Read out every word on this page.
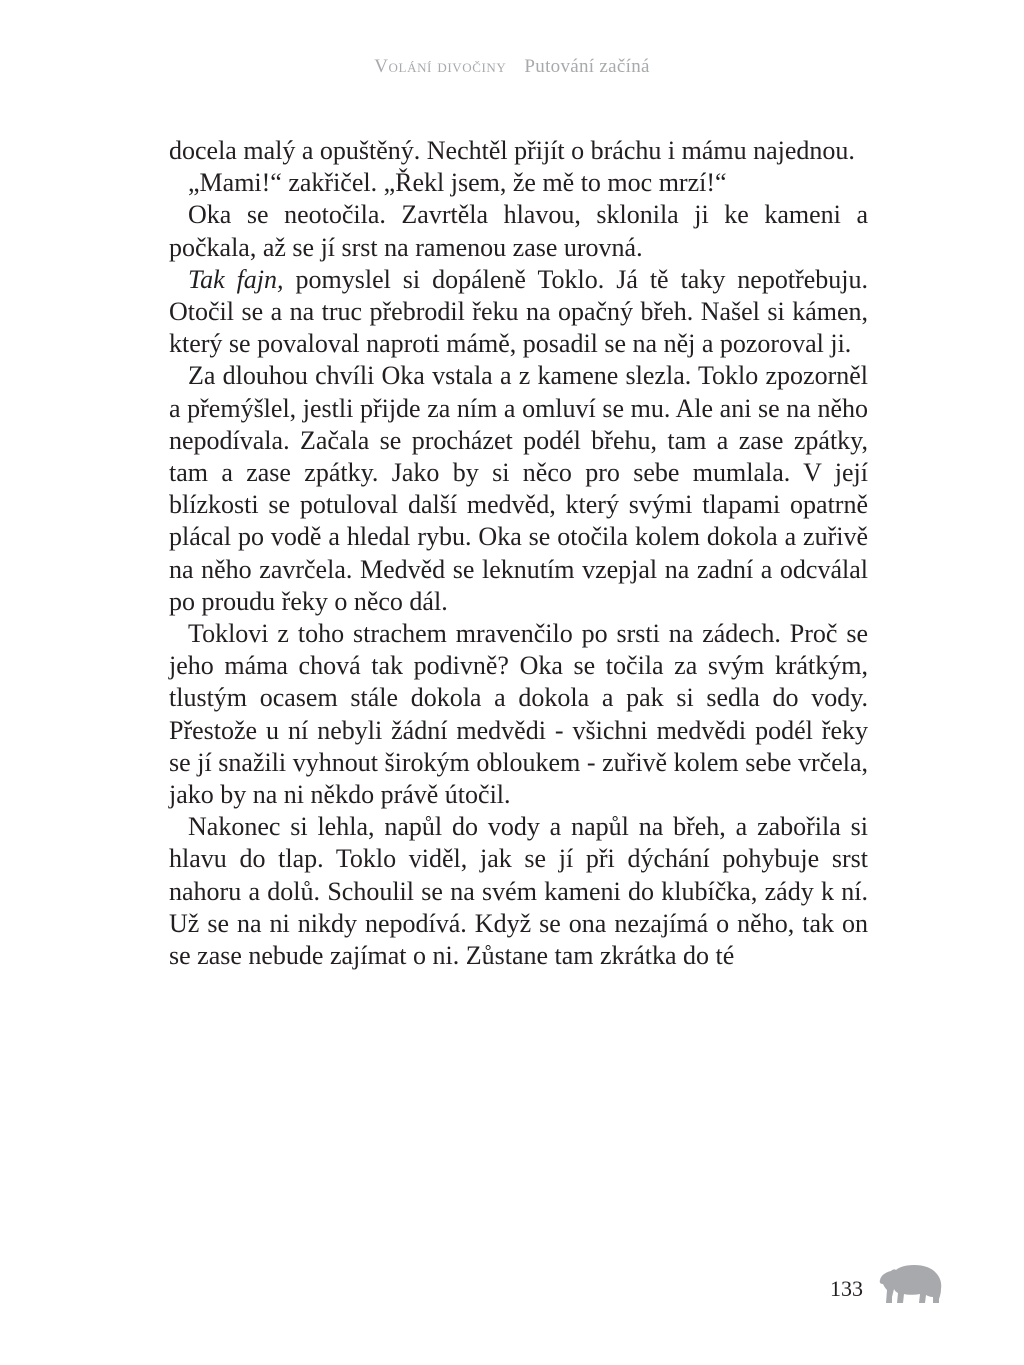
Volání divočiny Putování začíná

docela malý a opuštěný. Nechtěl přijít o bráchu i mámu najednou.

„Mami!“ zakřičel. „Řekl jsem, že mě to moc mrzí!“

Oka se neotočila. Zavrtěla hlavou, sklonila ji ke kameni a počkala, až se jí srst na ramenou zase urovná.

Tak fajn, pomyslel si dopáleně Toklo. Já tě taky nepotřebuju. Otočil se a na truc přebrodil řeku na opačný břeh. Našel si kámen, který se povaloval naproti mámě, posadil se na něj a pozoroval ji.

Za dlouhou chvíli Oka vstala a z kamene slezla. Toklo zpozorněl a přemýšlel, jestli přijde za ním a omluví se mu. Ale ani se na něho nepodívala. Začala se procházet podél břehu, tam a zase zpátky, tam a zase zpátky. Jako by si něco pro sebe mumlala. V její blízkosti se potuloval další medvěd, který svými tlapami opatrně plácal po vodě a hledal rybu. Oka se otočila kolem dokola a zuřivě na něho zavrčela. Medvěd se leknutím vzepjal na zadní a odcválal po proudu řeky o něco dál.

Toklovi z toho strachem mravenčilo po srsti na zádech. Proč se jeho máma chová tak podivně? Oka se točila za svým krátkým, tlustým ocasem stále dokola a dokola a pak si sedla do vody. Přestože u ní nebyli žádní medvědi - všichni medvědi podél řeky se jí snažili vyhnout širokým obloukem - zuřivě kolem sebe vrčela, jako by na ni někdo právě útočil.

Nakonec si lehla, napůl do vody a napůl na břeh, a zabořila si hlavu do tlap. Toklo viděl, jak se jí při dýchání pohybuje srst nahoru a dolů. Schoulil se na svém kameni do klubíčka, zády k ní. Už se na ni nikdy nepodívá. Když se ona nezajímá o něho, tak on se zase nebude zajímat o ni. Zůstane tam zkrátka do té

133
